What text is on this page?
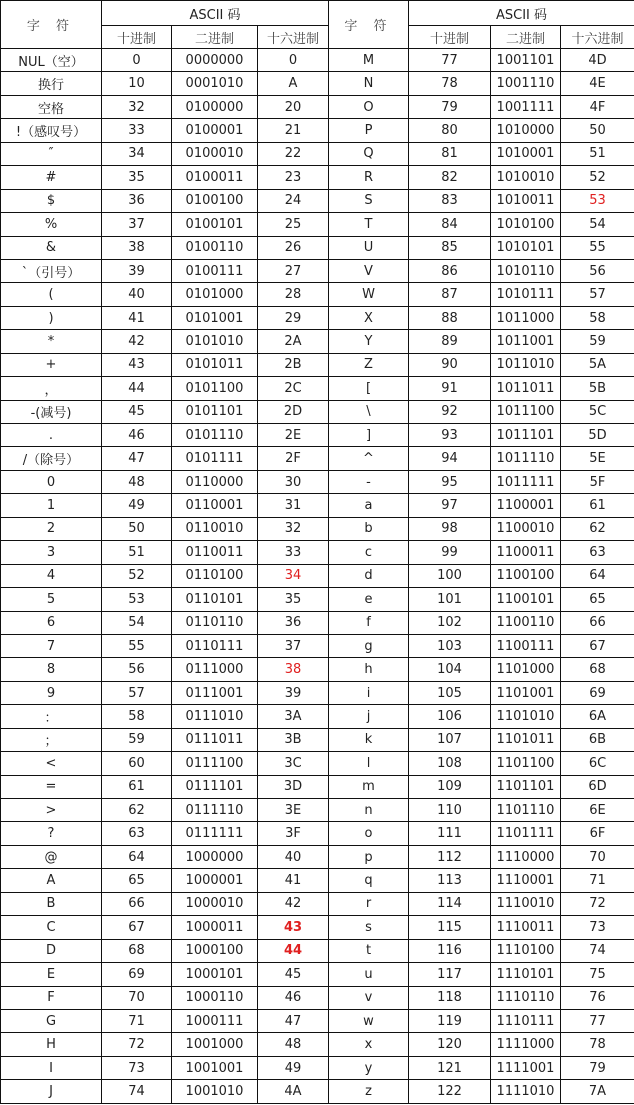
字 符	ASCII 码			字 符	ASCII 码		
	十进制	二进制	十六进制		十进制	二进制	十六进制
NUL（空）	0	0000000	0	M	77	1001101	4D
换行	10	0001010	A	N	78	1001110	4E
空格	32	0100000	20	O	79	1001111	4F
!（感叹号）	33	0100001	21	P	80	1010000	50
″	34	0100010	22	Q	81	1010001	51
#	35	0100011	23	R	82	1010010	52
$	36	0100100	24	S	83	1010011	53
%	37	0100101	25	T	84	1010100	54
&	38	0100110	26	U	85	1010101	55
`（引号）	39	0100111	27	V	86	1010110	56
(	40	0101000	28	W	87	1010111	57
)	41	0101001	29	X	88	1011000	58
*	42	0101010	2A	Y	89	1011001	59
+	43	0101011	2B	Z	90	1011010	5A
，	44	0101100	2C	[	91	1011011	5B
-(减号)	45	0101101	2D	\	92	1011100	5C
.	46	0101110	2E	]	93	1011101	5D
/（除号）	47	0101111	2F	^	94	1011110	5E
0	48	0110000	30	-	95	1011111	5F
1	49	0110001	31	a	97	1100001	61
2	50	0110010	32	b	98	1100010	62
3	51	0110011	33	c	99	1100011	63
4	52	0110100	34	d	100	1100100	64
5	53	0110101	35	e	101	1100101	65
6	54	0110110	36	f	102	1100110	66
7	55	0110111	37	g	103	1100111	67
8	56	0111000	38	h	104	1101000	68
9	57	0111001	39	i	105	1101001	69
：	58	0111010	3A	j	106	1101010	6A
；	59	0111011	3B	k	107	1101011	6B
<	60	0111100	3C	l	108	1101100	6C
=	61	0111101	3D	m	109	1101101	6D
>	62	0111110	3E	n	110	1101110	6E
?	63	0111111	3F	o	111	1101111	6F
@	64	1000000	40	p	112	1110000	70
A	65	1000001	41	q	113	1110001	71
B	66	1000010	42	r	114	1110010	72
C	67	1000011	43	s	115	1110011	73
D	68	1000100	44	t	116	1110100	74
E	69	1000101	45	u	117	1110101	75
F	70	1000110	46	v	118	1110110	76
G	71	1000111	47	w	119	1110111	77
H	72	1001000	48	x	120	1111000	78
I	73	1001001	49	y	121	1111001	79
J	74	1001010	4A	z	122	1111010	7A
